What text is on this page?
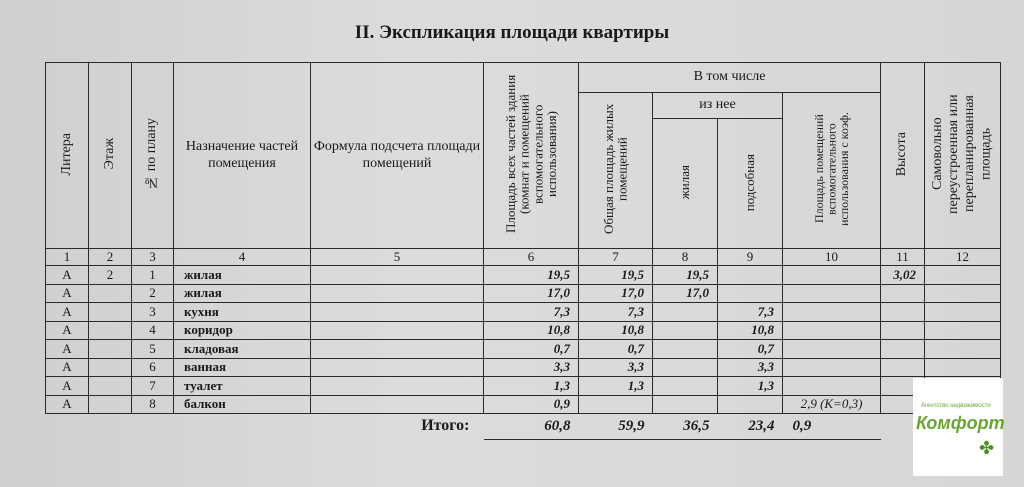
II. Экспликация площади квартиры
Литера	Этаж	№ по плану	Назначение частей помещения	Формула подсчета площади помещений	Площадь всех частей здания (комнат и помещений вспомогательного использования)	В том числе				Высота	Самовольно переустроенная или перепланированная площадь
						Общая площадь жилых помещений	из нее		Площадь помещений вспомогательного использования с коэф.		
							жилая	подсобная			
1	2	3	4	5	6	7	8	9	10	11	12
А	2	1	жилая		19,5	19,5	19,5			3,02	
А		2	жилая		17,0	17,0	17,0				
А		3	кухня		7,3	7,3		7,3			
А		4	коридор		10,8	10,8		10,8			
А		5	кладовая		0,7	0,7		0,7			
А		6	ванная		3,3	3,3		3,3			
А		7	туалет		1,3	1,3		1,3			
А		8	балкон		0,9				2,9 (К=0,3)		
Итого:					60,8	59,9	36,5	23,4	0,9		
Агентство недвижимости
Комфорт
✤
